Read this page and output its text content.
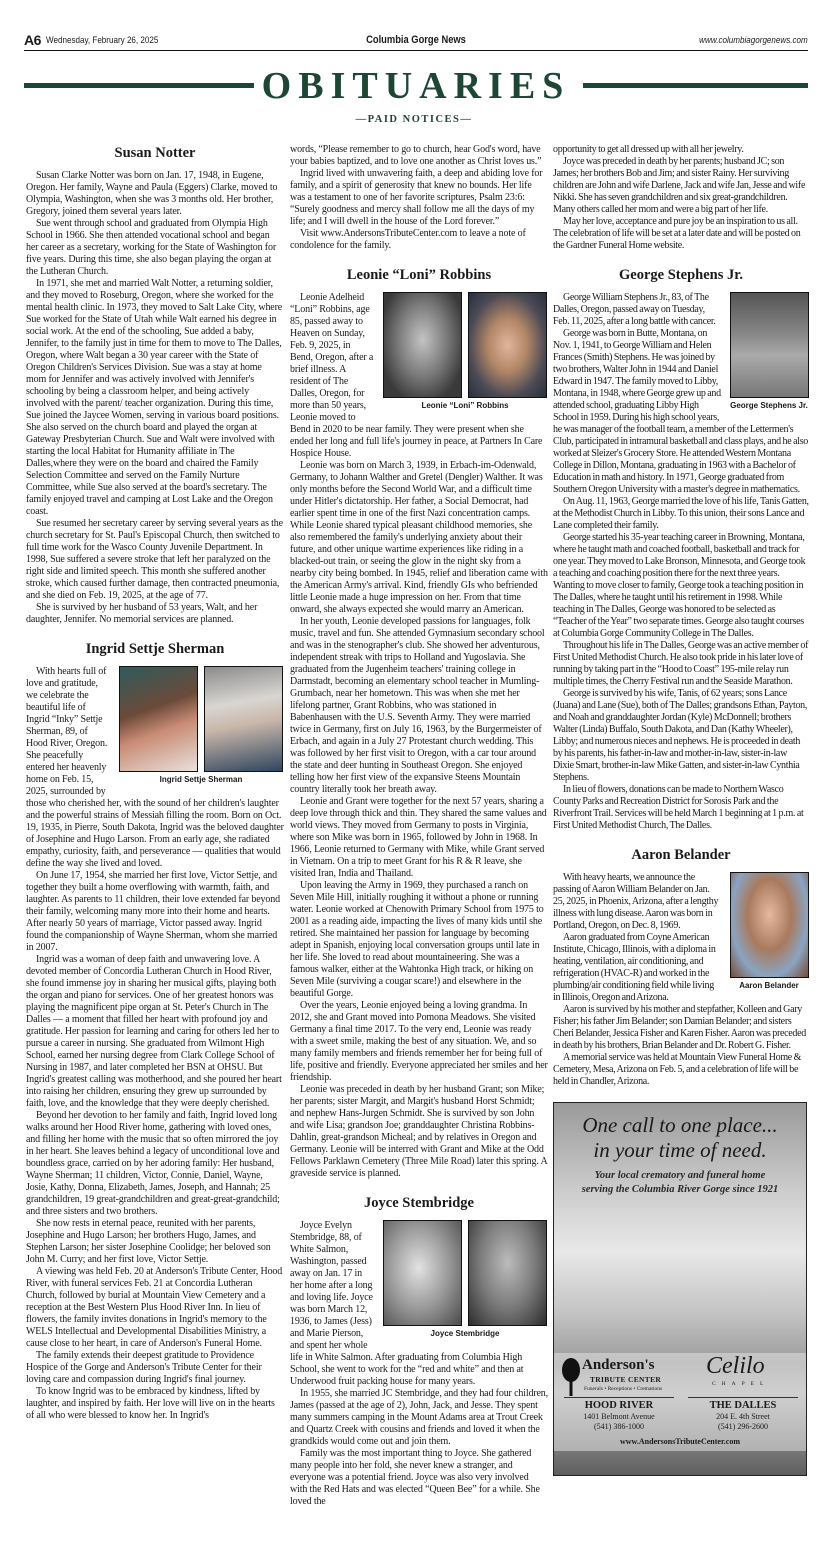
A6 Wednesday, February 26, 2025	Columbia Gorge News	www.columbiagorgenews.com
OBITUARIES
—PAID NOTICES—
Susan Notter

Susan Clarke Notter was born on Jan. 17, 1948, in Eugene, Oregon. Her family, Wayne and Paula (Eggers) Clarke, moved to Olympia, Washington, when she was 3 months old. Her brother, Gregory, joined them several years later.

Sue went through school and graduated from Olympia High School in 1966. She then attended vocational school and began her career as a secretary, working for the State of Washington for five years. During this time, she also began playing the organ at the Lutheran Church.

In 1971, she met and married Walt Notter, a returning soldier, and they moved to Roseburg, Oregon, where she worked for the mental health clinic. In 1973, they moved to Salt Lake City, where Sue worked for the State of Utah while Walt earned his degree in social work. At the end of the schooling, Sue added a baby, Jennifer, to the family just in time for them to move to The Dalles, Oregon, where Walt began a 30 year career with the State of Oregon Children's Services Division. Sue was a stay at home mom for Jennifer and was actively involved with Jennifer's schooling by being a classroom helper, and being actively involved with the parent/ teacher organization. During this time, Sue joined the Jaycee Women, serving in various board positions. She also served on the church board and played the organ at Gateway Presbyterian Church. Sue and Walt were involved with starting the local Habitat for Humanity affiliate in The Dalles,where they were on the board and chaired the Family Selection Committee and served on the Family Nurture Committee, while Sue also served at the board's secretary. The family enjoyed travel and camping at Lost Lake and the Oregon coast.

Sue resumed her secretary career by serving several years as the church secretary for St. Paul's Episcopal Church, then switched to full time work for the Wasco County Juvenile Department. In 1998, Sue suffered a severe stroke that left her paralyzed on the right side and limited speech. This month she suffered another stroke, which caused further damage, then contracted pneumonia, and she died on Feb. 19, 2025, at the age of 77.

She is survived by her husband of 53 years, Walt, and her daughter, Jennifer. No memorial services are planned.

Ingrid Settje Sherman
Ingrid Settje Sherman

With hearts full of love and gratitude, we celebrate the beautiful life of Ingrid “Inky” Settje Sherman, 89, of Hood River, Oregon. She peacefully entered her heavenly home on Feb. 15, 2025, surrounded by those who cherished her, with the sound of her children's laughter and the powerful strains of Messiah filling the room. Born on Oct. 19, 1935, in Pierre, South Dakota, Ingrid was the beloved daughter of Josephine and Hugo Larson. From an early age, she radiated empathy, curiosity, faith, and perseverance — qualities that would define the way she lived and loved.

On June 17, 1954, she married her first love, Victor Settje, and together they built a home overflowing with warmth, faith, and laughter. As parents to 11 children, their love extended far beyond their family, welcoming many more into their home and hearts. After nearly 50 years of marriage, Victor passed away. Ingrid found the companionship of Wayne Sherman, whom she married in 2007.

Ingrid was a woman of deep faith and unwavering love. A devoted member of Concordia Lutheran Church in Hood River, she found immense joy in sharing her musical gifts, playing both the organ and piano for services. One of her greatest honors was playing the magnificent pipe organ at St. Peter's Church in The Dalles — a moment that filled her heart with profound joy and gratitude. Her passion for learning and caring for others led her to pursue a career in nursing. She graduated from Wilmont High School, earned her nursing degree from Clark College School of Nursing in 1987, and later completed her BSN at OHSU. But Ingrid's greatest calling was motherhood, and she poured her heart into raising her children, ensuring they grew up surrounded by faith, love, and the knowledge that they were deeply cherished.

Beyond her devotion to her family and faith, Ingrid loved long walks around her Hood River home, gathering with loved ones, and filling her home with the music that so often mirrored the joy in her heart. She leaves behind a legacy of unconditional love and boundless grace, carried on by her adoring family: Her husband, Wayne Sherman; 11 children, Victor, Connie, Daniel, Wayne, Josie, Kathy, Donna, Elizabeth, James, Joseph, and Hannah; 25 grandchildren, 19 great-grandchildren and great-great-grandchild; and three sisters and two brothers.

She now rests in eternal peace, reunited with her parents, Josephine and Hugo Larson; her brothers Hugo, James, and Stephen Larson; her sister Josephine Coolidge; her beloved son John M. Curry; and her first love, Victor Settje.

A viewing was held Feb. 20 at Anderson's Tribute Center, Hood River, with funeral services Feb. 21 at Concordia Lutheran Church, followed by burial at Mountain View Cemetery and a reception at the Best Western Plus Hood River Inn. In lieu of flowers, the family invites donations in Ingrid's memory to the WELS Intellectual and Developmental Disabilities Ministry, a cause close to her heart, in care of Anderson's Funeral Home.

The family extends their deepest gratitude to Providence Hospice of the Gorge and Anderson's Tribute Center for their loving care and compassion during Ingrid's final journey.

To know Ingrid was to be embraced by kindness, lifted by laughter, and inspired by faith. Her love will live on in the hearts of all who were blessed to know her. In Ingrid's

words, “Please remember to go to church, hear God's word, have your babies baptized, and to love one another as Christ loves us.”

Ingrid lived with unwavering faith, a deep and abiding love for family, and a spirit of generosity that knew no bounds. Her life was a testament to one of her favorite scriptures, Psalm 23:6: “Surely goodness and mercy shall follow me all the days of my life; and I will dwell in the house of the Lord forever.”

Visit www.AndersonsTributeCenter.com to leave a note of condolence for the family.

Leonie “Loni” Robbins
Leonie “Loni” Robbins

Leonie Adelheid “Loni” Robbins, age 85, passed away to Heaven on Sunday, Feb. 9, 2025, in Bend, Oregon, after a brief illness. A resident of The Dalles, Oregon, for more than 50 years, Leonie moved to Bend in 2020 to be near family. They were present when she ended her long and full life's journey in peace, at Partners In Care Hospice House.

Leonie was born on March 3, 1939, in Erbach-im-Odenwald, Germany, to Johann Walther and Gretel (Dengler) Walther. It was only months before the Second World War, and a difficult time under Hitler's dictatorship. Her father, a Social Democrat, had earlier spent time in one of the first Nazi concentration camps. While Leonie shared typical pleasant childhood memories, she also remembered the family's underlying anxiety about their future, and other unique wartime experiences like riding in a blacked-out train, or seeing the glow in the night sky from a nearby city being bombed. In 1945, relief and liberation came with the American Army's arrival. Kind, friendly GIs who befriended little Leonie made a huge impression on her. From that time onward, she always expected she would marry an American.

In her youth, Leonie developed passions for languages, folk music, travel and fun. She attended Gymnasium secondary school and was in the stenographer's club. She showed her adventurous, independent streak with trips to Holland and Yugoslavia. She graduated from the Jugenheim teachers' training college in Darmstadt, becoming an elementary school teacher in Mumling-Grumbach, near her hometown. This was when she met her lifelong partner, Grant Robbins, who was stationed in Babenhausen with the U.S. Seventh Army. They were married twice in Germany, first on July 16, 1963, by the Burgermeister of Erbach, and again in a July 27 Protestant church wedding. This was followed by her first visit to Oregon, with a car tour around the state and deer hunting in Southeast Oregon. She enjoyed telling how her first view of the expansive Steens Mountain country literally took her breath away.

Leonie and Grant were together for the next 57 years, sharing a deep love through thick and thin. They shared the same values and world views. They moved from Germany to posts in Virginia, where son Mike was born in 1965, followed by John in 1968. In 1966, Leonie returned to Germany with Mike, while Grant served in Vietnam. On a trip to meet Grant for his R & R leave, she visited Iran, India and Thailand.

Upon leaving the Army in 1969, they purchased a ranch on Seven Mile Hill, initially roughing it without a phone or running water. Leonie worked at Chenowith Primary School from 1975 to 2001 as a reading aide, impacting the lives of many kids until she retired. She maintained her passion for language by becoming adept in Spanish, enjoying local conversation groups until late in her life. She loved to read about mountaineering. She was a famous walker, either at the Wahtonka High track, or hiking on Seven Mile (surviving a cougar scare!) and elsewhere in the beautiful Gorge.

Over the years, Leonie enjoyed being a loving grandma. In 2012, she and Grant moved into Pomona Meadows. She visited Germany a final time 2017. To the very end, Leonie was ready with a sweet smile, making the best of any situation. We, and so many family members and friends remember her for being full of life, positive and friendly. Everyone appreciated her smiles and her friendship.

Leonie was preceded in death by her husband Grant; son Mike; her parents; sister Margit, and Margit's husband Horst Schmidt; and nephew Hans-Jurgen Schmidt. She is survived by son John and wife Lisa; grandson Joe; granddaughter Christina Robbins-Dahlin, great-grandson Micheal; and by relatives in Oregon and Germany. Leonie will be interred with Grant and Mike at the Odd Fellows Parklawn Cemetery (Three Mile Road) later this spring. A graveside service is planned.

Joyce Stembridge
Joyce Stembridge

Joyce Evelyn Stembridge, 88, of White Salmon, Washington, passed away on Jan. 17 in her home after a long and loving life. Joyce was born March 12, 1936, to James (Jess) and Marie Pierson, and spent her whole life in White Salmon. After graduating from Columbia High School, she went to work for the “red and white” and then at Underwood fruit packing house for many years.

In 1955, she married JC Stembridge, and they had four children, James (passed at the age of 2), John, Jack, and Jesse. They spent many summers camping in the Mount Adams area at Trout Creek and Quartz Creek with cousins and friends and loved it when the grandkids would come out and join them.

Family was the most important thing to Joyce. She gathered many people into her fold, she never knew a stranger, and everyone was a potential friend. Joyce was also very involved with the Red Hats and was elected “Queen Bee” for a while. She loved the

opportunity to get all dressed up with all her jewelry.

Joyce was preceded in death by her parents; husband JC; son James; her brothers Bob and Jim; and sister Rainy. Her surviving children are John and wife Darlene, Jack and wife Jan, Jesse and wife Nikki. She has seven grandchildren and six great-grandchildren. Many others called her mom and were a big part of her life.

May her love, acceptance and pure joy be an inspiration to us all. The celebration of life will be set at a later date and will be posted on the Gardner Funeral Home website.

George Stephens Jr.
George Stephens Jr.

George William Stephens Jr., 83, of The Dalles, Oregon, passed away on Tuesday, Feb. 11, 2025, after a long battle with cancer.

George was born in Butte, Montana, on Nov. 1, 1941, to George William and Helen Frances (Smith) Stephens. He was joined by two brothers, Walter John in 1944 and Daniel Edward in 1947. The family moved to Libby, Montana, in 1948, where George grew up and attended school, graduating Libby High School in 1959. During his high school years, he was manager of the football team, a member of the Lettermen's Club, participated in intramural basketball and class plays, and he also worked at Sleizer's Grocery Store. He attended Western Montana College in Dillon, Montana, graduating in 1963 with a Bachelor of Education in math and history. In 1971, George graduated from Southern Oregon University with a master's degree in mathematics.

On Aug. 11, 1963, George married the love of his life, Tanis Gatten, at the Methodist Church in Libby. To this union, their sons Lance and Lane completed their family.

George started his 35-year teaching career in Browning, Montana, where he taught math and coached football, basketball and track for one year. They moved to Lake Bronson, Minnesota, and George took a teaching and coaching position there for the next three years. Wanting to move closer to family, George took a teaching position in The Dalles, where he taught until his retirement in 1998. While teaching in The Dalles, George was honored to be selected as “Teacher of the Year” two separate times. George also taught courses at Columbia Gorge Community College in The Dalles.

Throughout his life in The Dalles, George was an active member of First United Methodist Church. He also took pride in his later love of running by taking part in the “Hood to Coast” 195-mile relay run multiple times, the Cherry Festival run and the Seaside Marathon.

George is survived by his wife, Tanis, of 62 years; sons Lance (Juana) and Lane (Sue), both of The Dalles; grandsons Ethan, Payton, and Noah and granddaughter Jordan (Kyle) McDonnell; brothers Walter (Linda) Buffalo, South Dakota, and Dan (Kathy Wheeler), Libby; and numerous nieces and nephews. He is proceeded in death by his parents, his father-in-law and mother-in-law, sister-in-law Dixie Smart, brother-in-law Mike Gatten, and sister-in-law Cynthia Stephens.

In lieu of flowers, donations can be made to Northern Wasco County Parks and Recreation District for Sorosis Park and the Riverfront Trail. Services will be held March 1 beginning at 1 p.m. at First United Methodist Church, The Dalles.

Aaron Belander
Aaron Belander

With heavy hearts, we announce the passing of Aaron William Belander on Jan. 25, 2025, in Phoenix, Arizona, after a lengthy illness with lung disease. Aaron was born in Portland, Oregon, on Dec. 8, 1969.

Aaron graduated from Coyne American Institute, Chicago, Illinois, with a diploma in heating, ventilation, air conditioning, and refrigeration (HVAC-R) and worked in the plumbing/air conditioning field while living in Illinois, Oregon and Arizona.

Aaron is survived by his mother and stepfather, Kolleen and Gary Fisher; his father Jim Belander; son Damian Belander; and sisters Cheri Belander, Jessica Fisher and Karen Fisher. Aaron was preceded in death by his brothers, Brian Belander and Dr. Robert G. Fisher.

A memorial service was held at Mountain View Funeral Home & Cemetery, Mesa, Arizona on Feb. 5, and a celebration of life will be held in Chandler, Arizona.

One call to one place...
in your time of need.
Your local crematory and funeral home
serving the Columbia River Gorge since 1921
Anderson's
TRIBUTE CENTER
Funerals • Receptions • Cremations
Celilo
CHAPEL
HOOD RIVER
1401 Belmont Avenue
(541) 386-1000
THE DALLES
204 E. 4th Street
(541) 296-2600
www.AndersonsTributeCenter.com
